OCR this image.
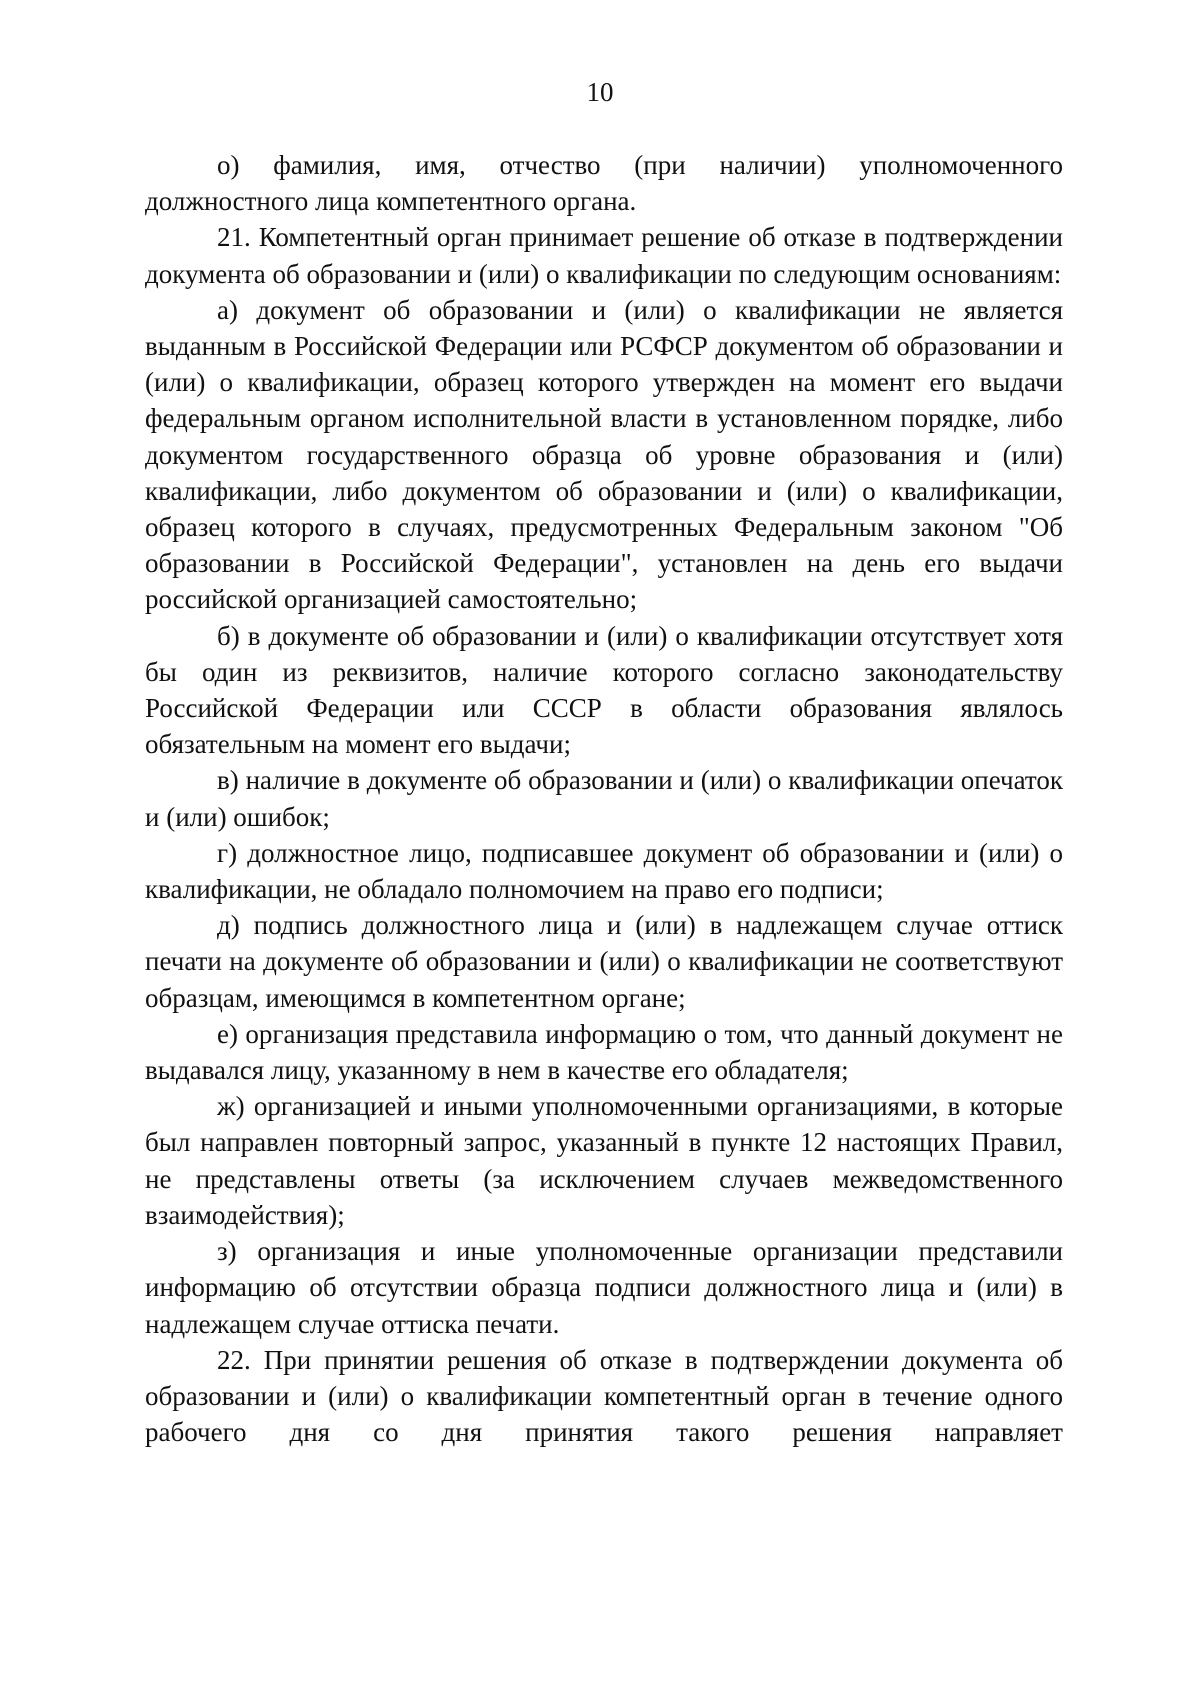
10

о) фамилия, имя, отчество (при наличии) уполномоченного должностного лица компетентного органа.

21. Компетентный орган принимает решение об отказе в подтверждении документа об образовании и (или) о квалификации по следующим основаниям:

а) документ об образовании и (или) о квалификации не является выданным в Российской Федерации или РСФСР документом об образовании и (или) о квалификации, образец которого утвержден на момент его выдачи федеральным органом исполнительной власти в установленном порядке, либо документом государственного образца об уровне образования и (или) квалификации, либо документом об образовании и (или) о квалификации, образец которого в случаях, предусмотренных Федеральным законом "Об образовании в Российской Федерации", установлен на день его выдачи российской организацией самостоятельно;

б) в документе об образовании и (или) о квалификации отсутствует хотя бы один из реквизитов, наличие которого согласно законодательству Российской Федерации или СССР в области образования являлось обязательным на момент его выдачи;

в) наличие в документе об образовании и (или) о квалификации опечаток и (или) ошибок;

г) должностное лицо, подписавшее документ об образовании и (или) о квалификации, не обладало полномочием на право его подписи;

д) подпись должностного лица и (или) в надлежащем случае оттиск печати на документе об образовании и (или) о квалификации не соответствуют образцам, имеющимся в компетентном органе;

е) организация представила информацию о том, что данный документ не выдавался лицу, указанному в нем в качестве его обладателя;

ж) организацией и иными уполномоченными организациями, в которые был направлен повторный запрос, указанный в пункте 12 настоящих Правил, не представлены ответы (за исключением случаев межведомственного взаимодействия);

з) организация и иные уполномоченные организации представили информацию об отсутствии образца подписи должностного лица и (или) в надлежащем случае оттиска печати.

22. При принятии решения об отказе в подтверждении документа об образовании и (или) о квалификации компетентный орган в течение одного рабочего дня со дня принятия такого решения направляет
